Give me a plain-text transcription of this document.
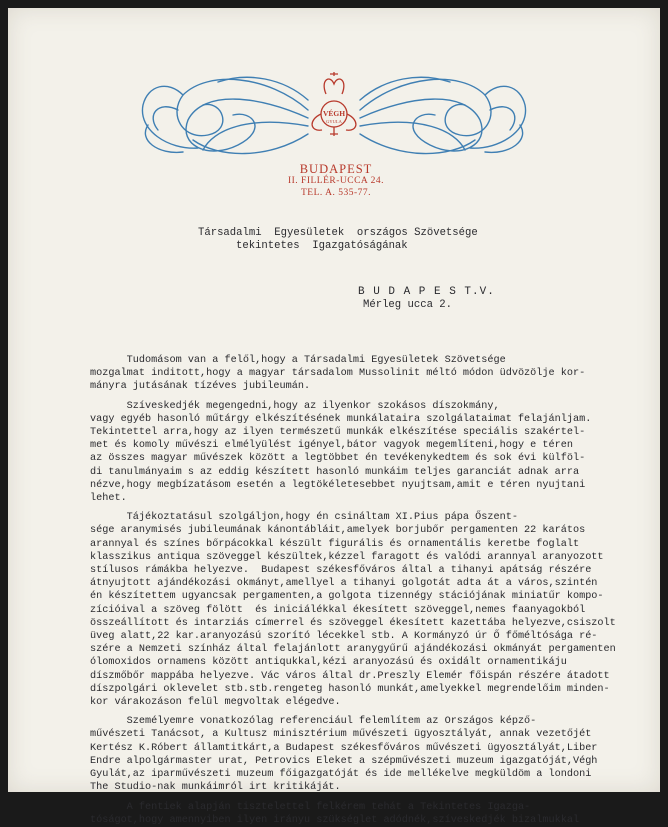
VÉGH
GYULA
BUDAPEST
II. FILLÉR-UCCA 24.
TEL. A. 535-77.
Társadalmi  Egyesületek  országos Szövetsége
tekintetes  Igazgatóságának
B U D A P E S T.V.
Mérleg ucca 2.
Tudomásom van a felől,hogy a Társadalmi Egyesületek Szövetsége
mozgalmat inditott,hogy a magyar társadalom Mussolinit méltó módon üdvözölje kor-
mányra jutásának tízéves jubileumán.
Szíveskedjék megengedni,hogy az ilyenkor szokásos díszokmány,
vagy egyéb hasonló műtárgy elkészítésének munkálataira szolgálataimat felajánljam.
Tekintettel arra,hogy az ilyen természetű munkák elkészítése speciális szakértel-
met és komoly művészi elmélyülést igényel,bátor vagyok megemlíteni,hogy e téren
az összes magyar művészek között a legtöbbet én tevékenykedtem és sok évi külföl-
di tanulmányaim s az eddig készített hasonló munkáim teljes garanciát adnak arra
nézve,hogy megbízatásom esetén a legtökéletesebbet nyujtsam,amit e téren nyujtani
lehet.
Tájékoztatásul szolgáljon,hogy én csináltam XI.Pius pápa Őszent-
sége aranymisés jubileumának kánontábláit,amelyek borjubőr pergamenten 22 karátos
arannyal és színes bőrpácokkal készült figurális és ornamentális keretbe foglalt
klasszikus antiqua szöveggel készültek,kézzel faragott és valódi arannyal aranyozott
stílusos rámákba helyezve.  Budapest székesfőváros által a tihanyi apátság részére
átnyujtott ajándékozási okmányt,amellyel a tihanyi golgotát adta át a város,szintén
én készítettem ugyancsak pergamenten,a golgota tizennégy stációjának miniatűr kompo-
zícióival a szöveg fölött  és iniciálékkal ékesített szöveggel,nemes faanyagokból
összeállított és intarziás címerrel és szöveggel ékesített kazettába helyezve,csiszolt
üveg alatt,22 kar.aranyozású szorító lécekkel stb. A Kormányzó úr Ő főméltósága ré-
szére a Nemzeti színház által felajánlott aranygyűrű ajándékozási okmányát pergamenten
ólomoxidos ornamens között antiqukkal,kézi aranyozású és oxidált ornamentikáju
díszmőbőr mappába helyezve. Vác város által dr.Preszly Elemér főispán részére átadott
díszpolgári oklevelet stb.stb.rengeteg hasonló munkát,amelyekkel megrendelőim minden-
kor várakozáson felül megvoltak elégedve.
Személyemre vonatkozólag referenciául felemlítem az Országos képző-
művészeti Tanácsot, a Kultusz minisztérium művészeti ügyosztályát, annak vezetőjét
Kertész K.Róbert államtitkárt,a Budapest székesfőváros művészeti ügyosztályát,Liber
Endre alpolgármaster urat, Petrovics Eleket a szépművészeti muzeum igazgatóját,Végh
Gyulát,az iparművészeti muzeum főigazgatóját és ide mellékelve megküldöm a londoni
The Studio-nak munkáimról irt kritikáját.
A fentiek alapján tisztelettel felkérem tehát a Tekintetes Igazga-
tóságot,hogy amennyiben ilyen irányu szükséglet adódnék,szíveskedjék bizalmukkal
